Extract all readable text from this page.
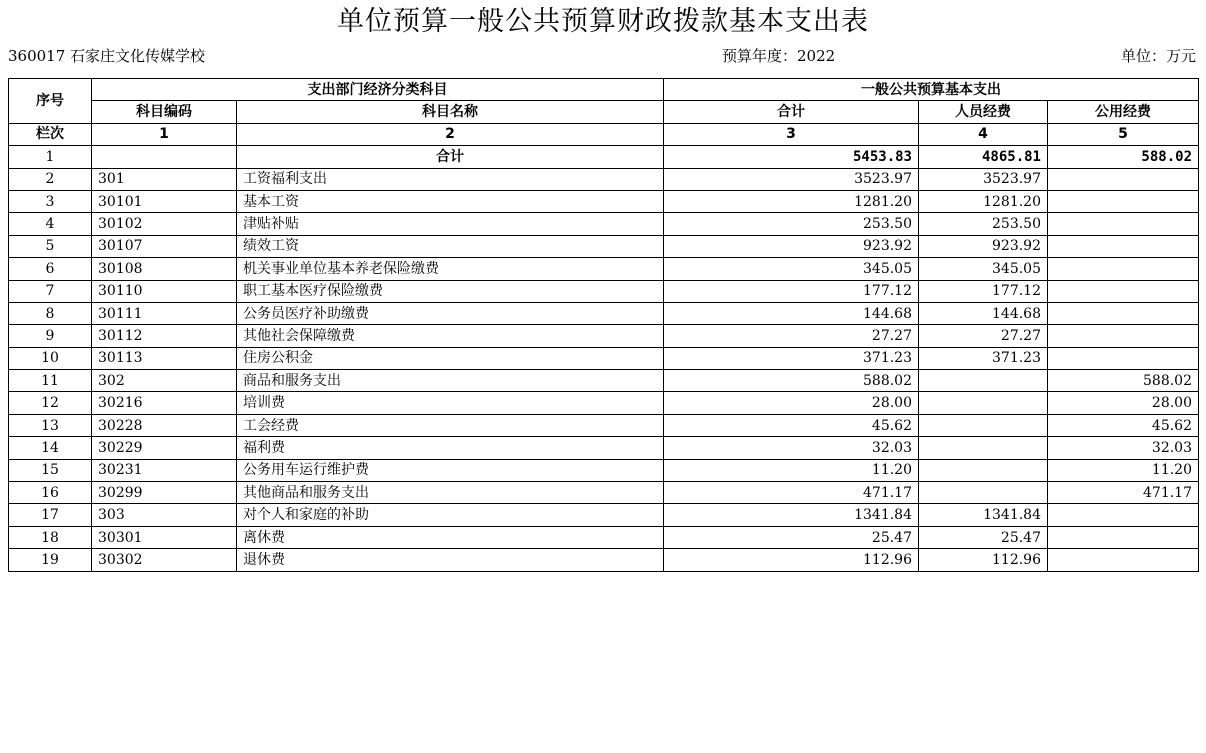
单位预算一般公共预算财政拨款基本支出表
360017 石家庄文化传媒学校	预算年度：2022	单位：万元
序号	支出部门经济分类科目		一般公共预算基本支出		
	科目编码	科目名称	合计	人员经费	公用经费
栏次	1	2	3	4	5
1		合计	5453.83	4865.81	588.02
2	301	工资福利支出	3523.97	3523.97	
3	30101	基本工资	1281.20	1281.20	
4	30102	津贴补贴	253.50	253.50	
5	30107	绩效工资	923.92	923.92	
6	30108	机关事业单位基本养老保险缴费	345.05	345.05	
7	30110	职工基本医疗保险缴费	177.12	177.12	
8	30111	公务员医疗补助缴费	144.68	144.68	
9	30112	其他社会保障缴费	27.27	27.27	
10	30113	住房公积金	371.23	371.23	
11	302	商品和服务支出	588.02		588.02
12	30216	培训费	28.00		28.00
13	30228	工会经费	45.62		45.62
14	30229	福利费	32.03		32.03
15	30231	公务用车运行维护费	11.20		11.20
16	30299	其他商品和服务支出	471.17		471.17
17	303	对个人和家庭的补助	1341.84	1341.84	
18	30301	离休费	25.47	25.47	
19	30302	退休费	112.96	112.96	
